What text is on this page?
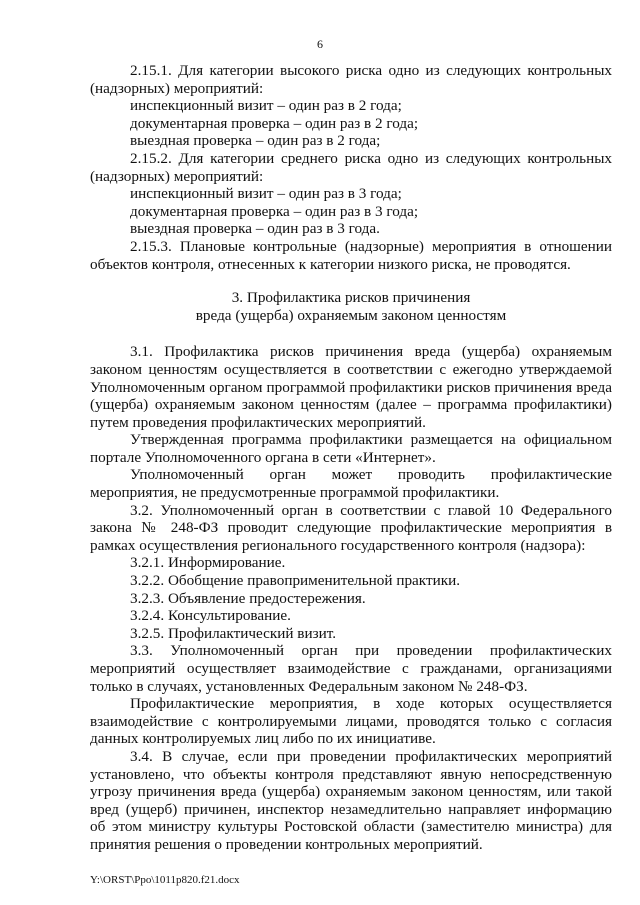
6

2.15.1. Для категории высокого риска одно из следующих контрольных (надзорных) мероприятий:

инспекционный визит – один раз в 2 года;

документарная проверка – один раз в 2 года;

выездная проверка – один раз в 2 года;

2.15.2. Для категории среднего риска одно из следующих контрольных (надзорных) мероприятий:

инспекционный визит – один раз в 3 года;

документарная проверка – один раз в 3 года;

выездная проверка – один раз в 3 года.

2.15.3. Плановые контрольные (надзорные) мероприятия в отношении объектов контроля, отнесенных к категории низкого риска, не проводятся.

3. Профилактика рисков причинения

вреда (ущерба) охраняемым законом ценностям

3.1. Профилактика рисков причинения вреда (ущерба) охраняемым законом ценностям осуществляется в соответствии с ежегодно утверждаемой Уполномоченным органом программой профилактики рисков причинения вреда (ущерба) охраняемым законом ценностям (далее – программа профилактики) путем проведения профилактических мероприятий.

Утвержденная программа профилактики размещается на официальном портале Уполномоченного органа в сети «Интернет».

Уполномоченный орган может проводить профилактические мероприятия, не предусмотренные программой профилактики.

3.2. Уполномоченный орган в соответствии с главой 10 Федерального закона № 248-ФЗ проводит следующие профилактические мероприятия в рамках осуществления регионального государственного контроля (надзора):

3.2.1. Информирование.

3.2.2. Обобщение правоприменительной практики.

3.2.3. Объявление предостережения.

3.2.4. Консультирование.

3.2.5. Профилактический визит.

3.3. Уполномоченный орган при проведении профилактических мероприятий осуществляет взаимодействие с гражданами, организациями только в случаях, установленных Федеральным законом № 248-ФЗ.

Профилактические мероприятия, в ходе которых осуществляется взаимодействие с контролируемыми лицами, проводятся только с согласия данных контролируемых лиц либо по их инициативе.

3.4. В случае, если при проведении профилактических мероприятий установлено, что объекты контроля представляют явную непосредственную угрозу причинения вреда (ущерба) охраняемым законом ценностям, или такой вред (ущерб) причинен, инспектор незамедлительно направляет информацию об этом министру культуры Ростовской области (заместителю министра) для принятия решения о проведении контрольных мероприятий.

Y:\ORST\Ppo\1011p820.f21.docx
